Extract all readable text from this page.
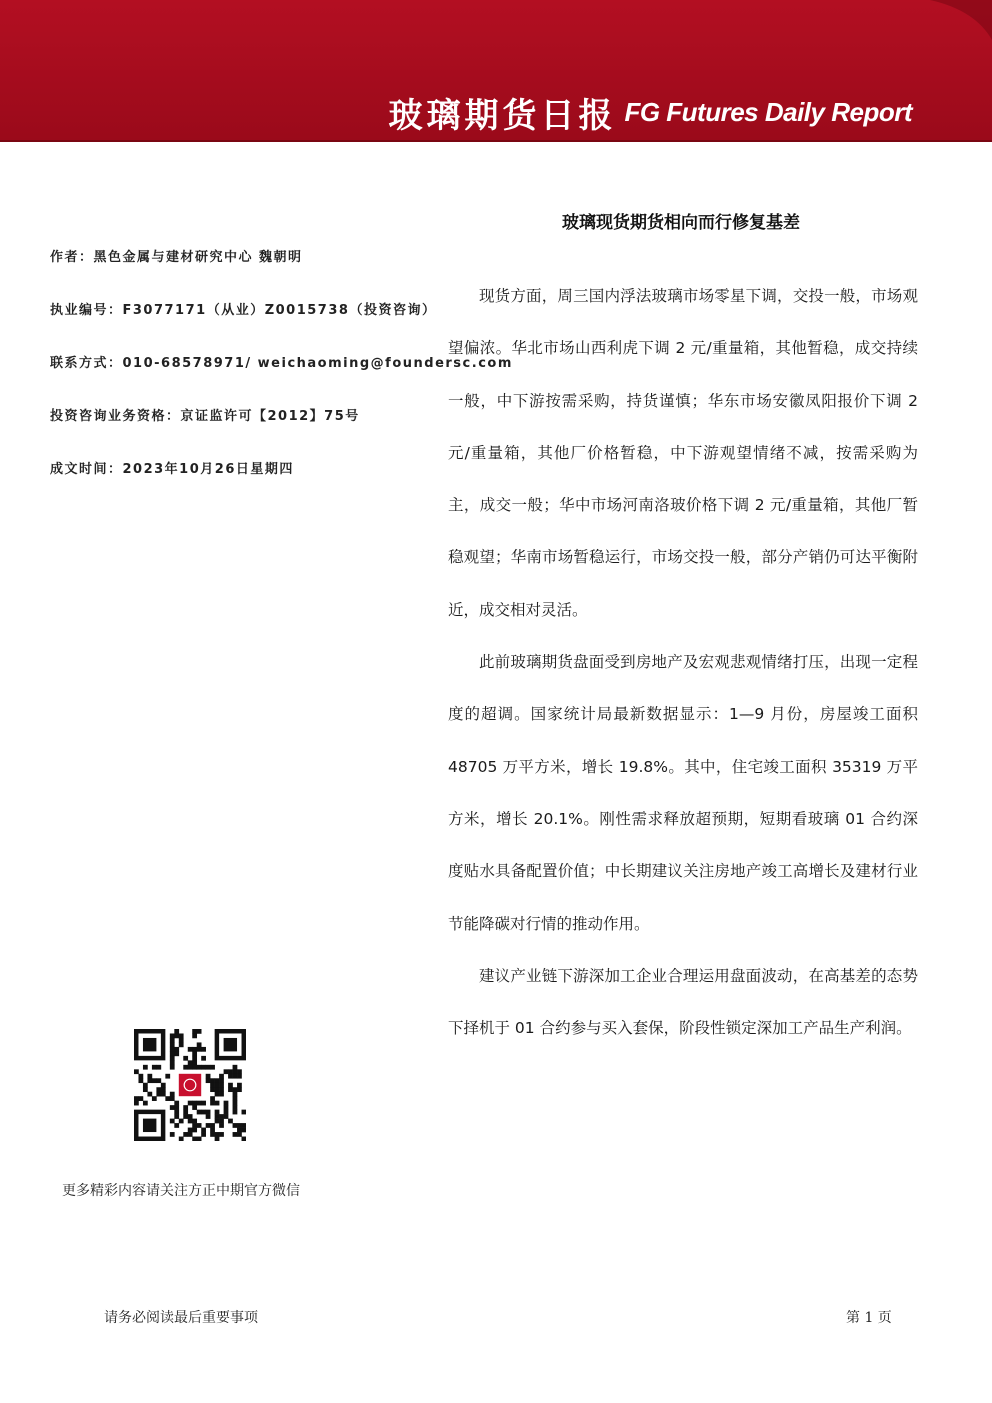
玻璃期货日报 FG Futures Daily Report
作者：黑色金属与建材研究中心 魏朝明
执业编号：F3077171（从业）Z0015738（投资咨询）
联系方式：010-68578971/ weichaoming@foundersc.com
投资咨询业务资格：京证监许可【2012】75号
成文时间：2023年10月26日星期四
玻璃现货期货相向而行修复基差

现货方面，周三国内浮法玻璃市场零星下调，交投一般，市场观望偏浓。华北市场山西利虎下调 2 元/重量箱，其他暂稳，成交持续一般，中下游按需采购，持货谨慎；华东市场安徽凤阳报价下调 2 元/重量箱，其他厂价格暂稳，中下游观望情绪不减，按需采购为主，成交一般；华中市场河南洛玻价格下调 2 元/重量箱，其他厂暂稳观望；华南市场暂稳运行，市场交投一般，部分产销仍可达平衡附近，成交相对灵活。

此前玻璃期货盘面受到房地产及宏观悲观情绪打压，出现一定程度的超调。国家统计局最新数据显示：1—9 月份，房屋竣工面积 48705 万平方米，增长 19.8%。其中，住宅竣工面积 35319 万平方米，增长 20.1%。刚性需求释放超预期，短期看玻璃 01 合约深度贴水具备配置价值；中长期建议关注房地产竣工高增长及建材行业节能降碳对行情的推动作用。

建议产业链下游深加工企业合理运用盘面波动，在高基差的态势下择机于 01 合约参与买入套保，阶段性锁定深加工产品生产利润。

更多精彩内容请关注方正中期官方微信
请务必阅读最后重要事项	第 1 页
